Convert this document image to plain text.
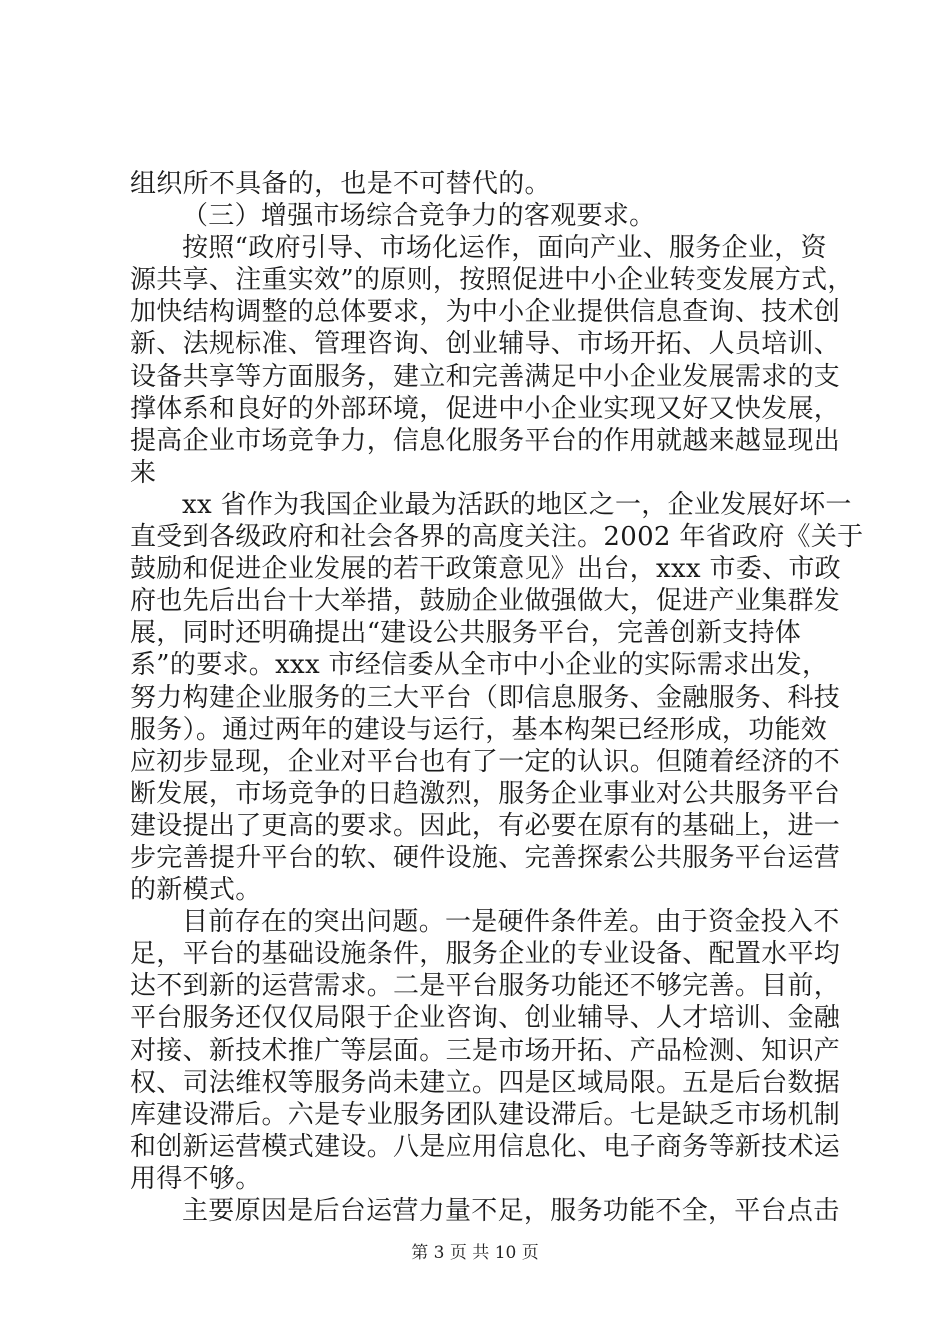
组织所不具备的，也是不可替代的。
（三）增强市场综合竞争力的客观要求。
按照“政府引导、市场化运作，面向产业、服务企业，资
源共享、注重实效”的原则，按照促进中小企业转变发展方式，
加快结构调整的总体要求，为中小企业提供信息查询、技术创
新、法规标准、管理咨询、创业辅导、市场开拓、人员培训、
设备共享等方面服务，建立和完善满足中小企业发展需求的支
撑体系和良好的外部环境，促进中小企业实现又好又快发展，
提高企业市场竞争力，信息化服务平台的作用就越来越显现出
来
xx 省作为我国企业最为活跃的地区之一，企业发展好坏一
直受到各级政府和社会各界的高度关注。2002 年省政府《关于
鼓励和促进企业发展的若干政策意见》出台，xxx 市委、市政
府也先后出台十大举措，鼓励企业做强做大，促进产业集群发
展，同时还明确提出“建设公共服务平台，完善创新支持体
系”的要求。xxx 市经信委从全市中小企业的实际需求出发，
努力构建企业服务的三大平台（即信息服务、金融服务、科技
服务）。通过两年的建设与运行，基本构架已经形成，功能效
应初步显现，企业对平台也有了一定的认识。但随着经济的不
断发展，市场竞争的日趋激烈，服务企业事业对公共服务平台
建设提出了更高的要求。因此，有必要在原有的基础上，进一
步完善提升平台的软、硬件设施、完善探索公共服务平台运营
的新模式。
目前存在的突出问题。一是硬件条件差。由于资金投入不
足，平台的基础设施条件，服务企业的专业设备、配置水平均
达不到新的运营需求。二是平台服务功能还不够完善。目前，
平台服务还仅仅局限于企业咨询、创业辅导、人才培训、金融
对接、新技术推广等层面。三是市场开拓、产品检测、知识产
权、司法维权等服务尚未建立。四是区域局限。五是后台数据
库建设滞后。六是专业服务团队建设滞后。七是缺乏市场机制
和创新运营模式建设。八是应用信息化、电子商务等新技术运
用得不够。
主要原因是后台运营力量不足，服务功能不全，平台点击
第 3 页 共 10 页
